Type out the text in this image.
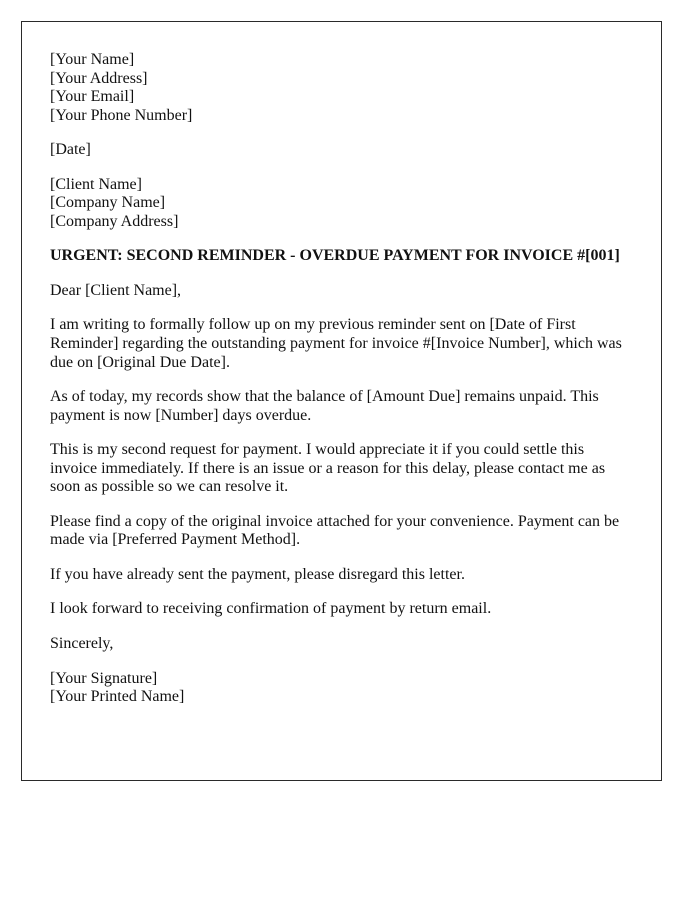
[Your Name]
[Your Address]
[Your Email]
[Your Phone Number]

[Date]

[Client Name]
[Company Name]
[Company Address]

URGENT: SECOND REMINDER - OVERDUE PAYMENT FOR INVOICE #[001]

Dear [Client Name],

I am writing to formally follow up on my previous reminder sent on [Date of First Reminder] regarding the outstanding payment for invoice #[Invoice Number], which was due on [Original Due Date].

As of today, my records show that the balance of [Amount Due] remains unpaid. This payment is now [Number] days overdue.

This is my second request for payment. I would appreciate it if you could settle this invoice immediately. If there is an issue or a reason for this delay, please contact me as soon as possible so we can resolve it.

Please find a copy of the original invoice attached for your convenience. Payment can be made via [Preferred Payment Method].

If you have already sent the payment, please disregard this letter.

I look forward to receiving confirmation of payment by return email.

Sincerely,

[Your Signature]
[Your Printed Name]
